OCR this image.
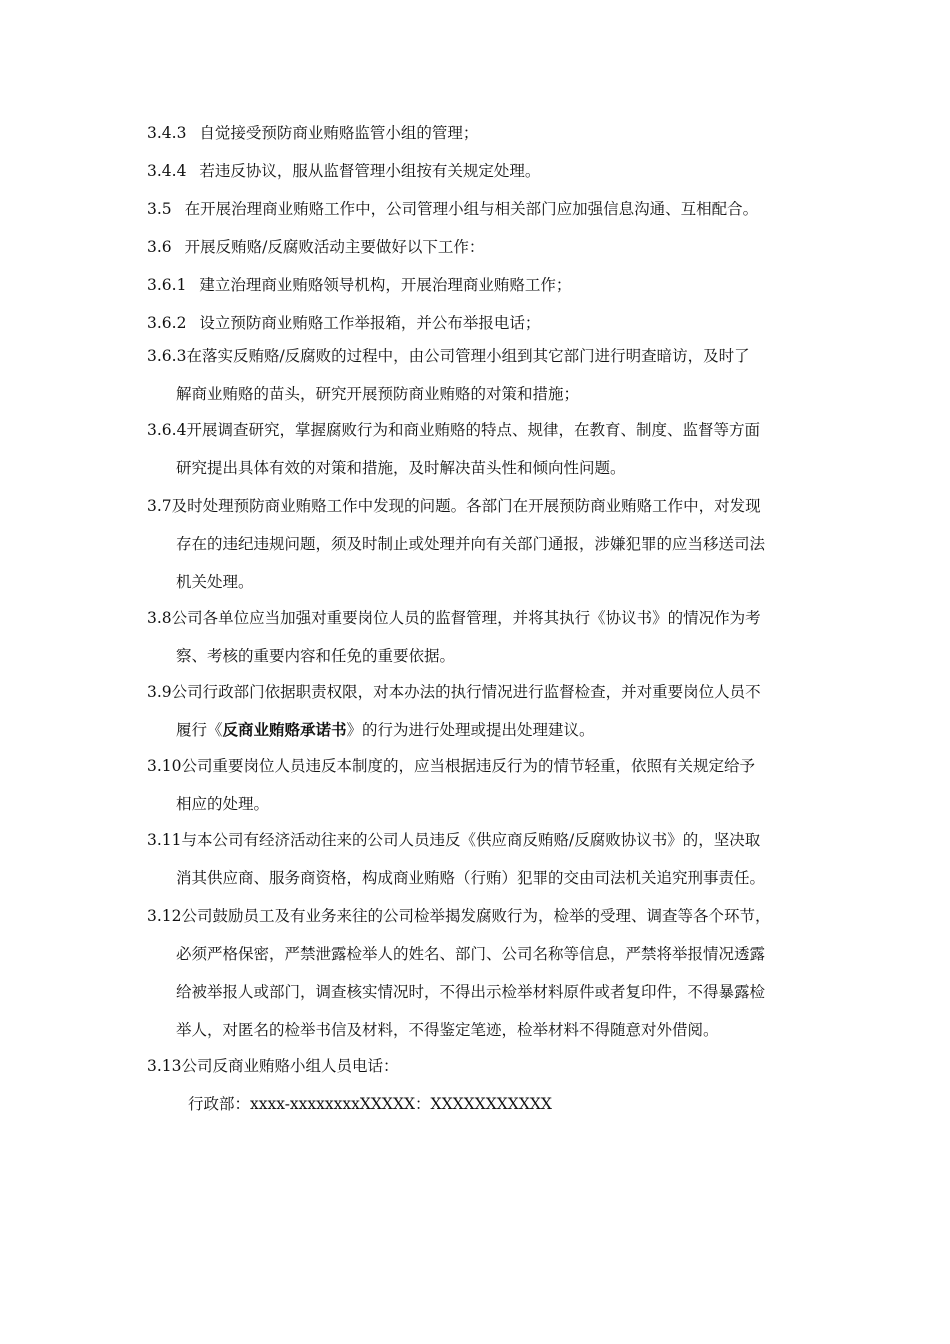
3.4.3 自觉接受预防商业贿赂监管小组的管理；
3.4.4 若违反协议，服从监督管理小组按有关规定处理。
3.5 在开展治理商业贿赂工作中，公司管理小组与相关部门应加强信息沟通、互相配合。
3.6 开展反贿赂/反腐败活动主要做好以下工作：
3.6.1 建立治理商业贿赂领导机构，开展治理商业贿赂工作；
3.6.2 设立预防商业贿赂工作举报箱，并公布举报电话；
3.6.3在落实反贿赂/反腐败的过程中，由公司管理小组到其它部门进行明查暗访，及时了
解商业贿赂的苗头，研究开展预防商业贿赂的对策和措施；
3.6.4开展调查研究，掌握腐败行为和商业贿赂的特点、规律，在教育、制度、监督等方面
研究提出具体有效的对策和措施，及时解决苗头性和倾向性问题。
3.7及时处理预防商业贿赂工作中发现的问题。各部门在开展预防商业贿赂工作中，对发现
存在的违纪违规问题，须及时制止或处理并向有关部门通报，涉嫌犯罪的应当移送司法
机关处理。
3.8公司各单位应当加强对重要岗位人员的监督管理，并将其执行《协议书》的情况作为考
察、考核的重要内容和任免的重要依据。
3.9公司行政部门依据职责权限，对本办法的执行情况进行监督检查，并对重要岗位人员不
履行《反商业贿赂承诺书》的行为进行处理或提出处理建议。
3.10公司重要岗位人员违反本制度的，应当根据违反行为的情节轻重，依照有关规定给予
相应的处理。
3.11与本公司有经济活动往来的公司人员违反《供应商反贿赂/反腐败协议书》的，坚决取
消其供应商、服务商资格，构成商业贿赂（行贿）犯罪的交由司法机关追究刑事责任。
3.12公司鼓励员工及有业务来往的公司检举揭发腐败行为，检举的受理、调查等各个环节，
必须严格保密，严禁泄露检举人的姓名、部门、公司名称等信息，严禁将举报情况透露
给被举报人或部门，调查核实情况时，不得出示检举材料原件或者复印件，不得暴露检
举人，对匿名的检举书信及材料，不得鉴定笔迹，检举材料不得随意对外借阅。
3.13公司反商业贿赂小组人员电话：
行政部：xxxx-xxxxxxxxXXXXX：XXXXXXXXXXX
